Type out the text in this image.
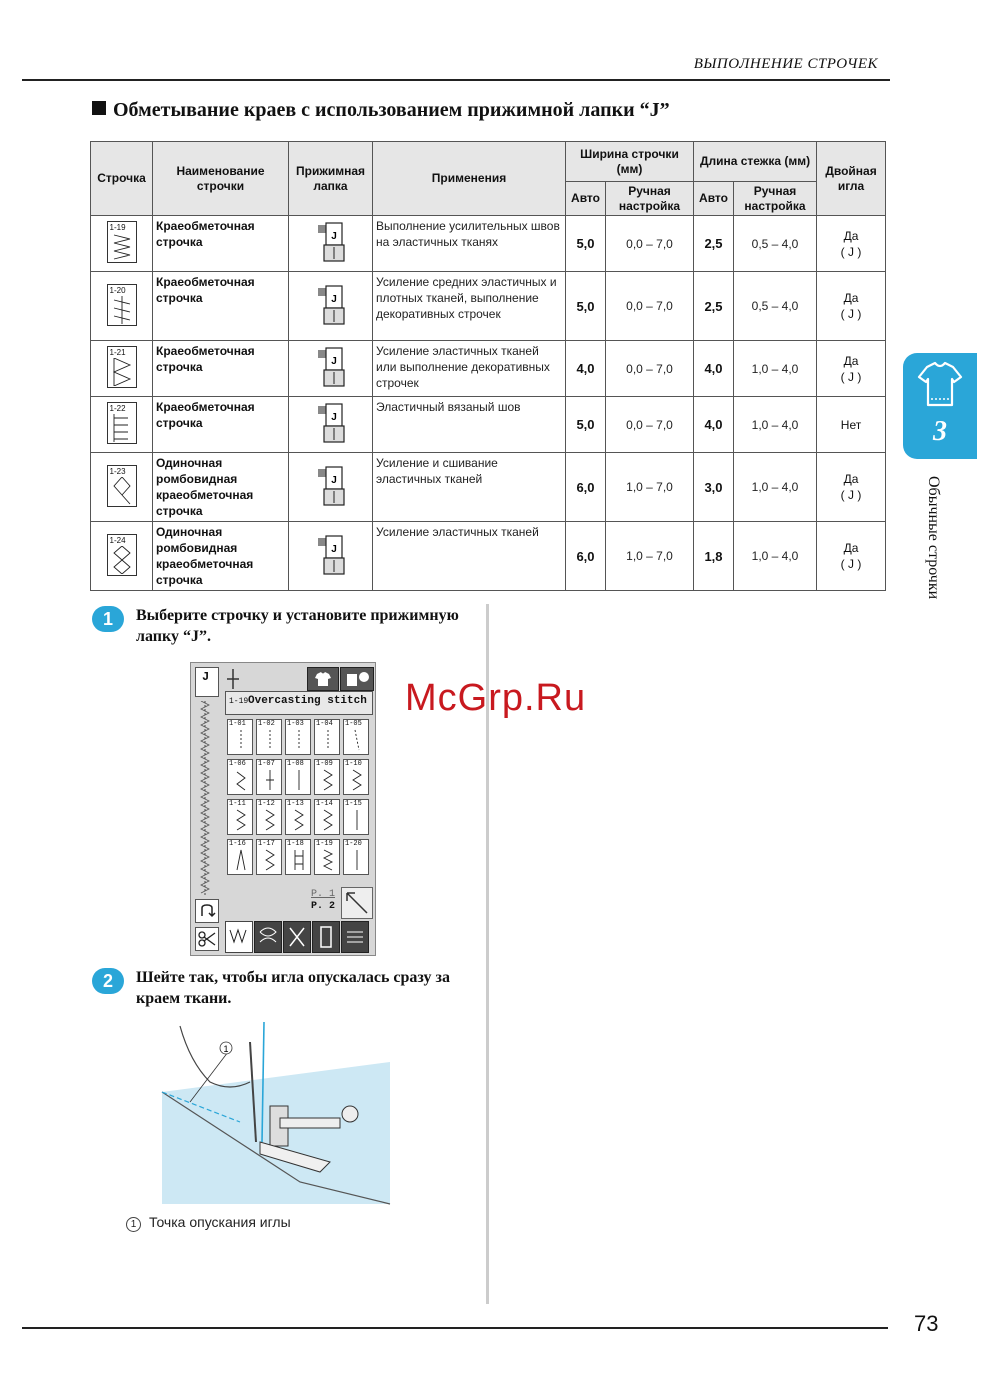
ВЫПОЛНЕНИЕ СТРОЧЕК
Обметывание краев с использованием прижимной лапки “J”
Строчка	Наименование строчки	Прижимная лапка	Применения	Ширина строчки (мм)		Длина стежка (мм)		Двойная игла
				Авто	Ручная настройка	Авто	Ручная настройка	

1-19	Краеобметочная строчка	J	Выполнение усилительных швов на эластичных тканях	5,0	0,0 – 7,0	2,5	0,5 – 4,0	Да
( J )

1-20	Краеобметочная строчка	J	Усиление средних эластичных и плотных тканей, выполнение декоративных строчек	5,0	0,0 – 7,0	2,5	0,5 – 4,0	Да
( J )

1-21	Краеобметочная строчка	J	Усиление эластичных тканей или выполнение декоративных строчек	4,0	0,0 – 7,0	4,0	1,0 – 4,0	Да
( J )

1-22	Краеобметочная строчка	J	Эластичный вязаный шов	5,0	0,0 – 7,0	4,0	1,0 – 4,0	Нет

1-23	Одиночная ромбовидная краеобметочная строчка	J	Усиление и сшивание эластичных тканей	6,0	1,0 – 7,0	3,0	1,0 – 4,0	Да
( J )

1-24	Одиночная ромбовидная краеобметочная строчка	J	Усиление эластичных тканей	6,0	1,0 – 7,0	1,8	1,0 – 4,0	Да
( J )
3
Обычные строчки
1	Выберите строчку и установите прижимную лапку “J”.
J
1-19 Overcasting stitch
1-01 1-02 1-03 1-04 1-05
1-06 1-07 1-08 1-09 1-10
1-11 1-12 1-13 1-14 1-15
1-16 1-17 1-18 1-19 1-20
P. 1
P. 2
McGrp.Ru
2	Шейте так, чтобы игла опускалась сразу за краем ткани.
1
1 Точка опускания иглы
73
